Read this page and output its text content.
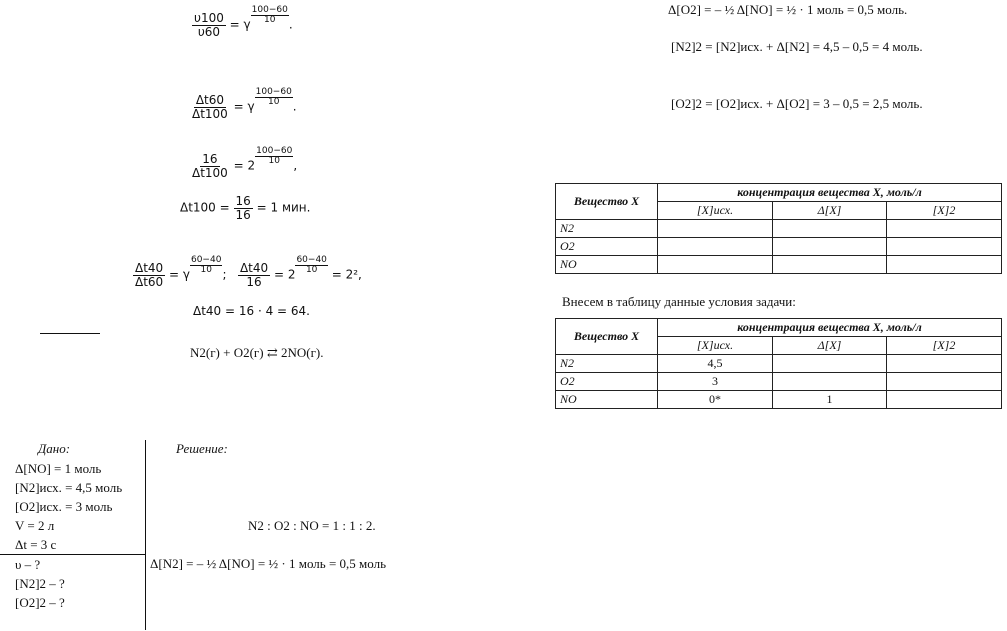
$\frac{\upsilon 100}{\upsilon 60} = \gamma \frac{100-60}{10}$ .
$\frac{\Delta t60}{\Delta t100} = \gamma \frac{100-60}{10}$ .
$\frac{16}{\Delta t100} = 2 \frac{100-60}{10}$ ,
$\Delta t100 = \frac{16}{16} = 1$ мин.
$\frac{\Delta t40}{\Delta t60} = \gamma \frac{60-40}{10}$ ; $\frac{\Delta t40}{16} = 2 \frac{60-40}{10} = 2^2$,
Δt40 = 16 · 4 = 64.
N2(г) + O2(г) ⇄ 2NO(г).
Дано:
Δ[NO] = 1 моль
[N2]исх. = 4,5 моль
[O2]исх. = 3 моль
V = 2 л
Δt = 3 с
υ – ?
[N2]2 – ?
[O2]2 – ?
Решение:
N2 : O2 : NO = 1 : 1 : 2.
Δ[N2] = – ½ Δ[NO] = ½ · 1 моль = 0,5 моль
Δ[O2] = – ½ Δ[NO] = ½ · 1 моль = 0,5 моль.
[N2]2 = [N2]исх. + Δ[N2] = 4,5 – 0,5 = 4 моль.
[O2]2 = [O2]исх. + Δ[O2] = 3 – 0,5 = 2,5 моль.
Вещество X	концентрация вещества X, моль/л		
	[X]исх.	Δ[X]	[X]2
N2			
O2			
NO			
Внесем в таблицу данные условия задачи:
Вещество X	концентрация вещества X, моль/л		
	[X]исх.	Δ[X]	[X]2
N2	4,5		
O2	3		
NO	0*	1	
